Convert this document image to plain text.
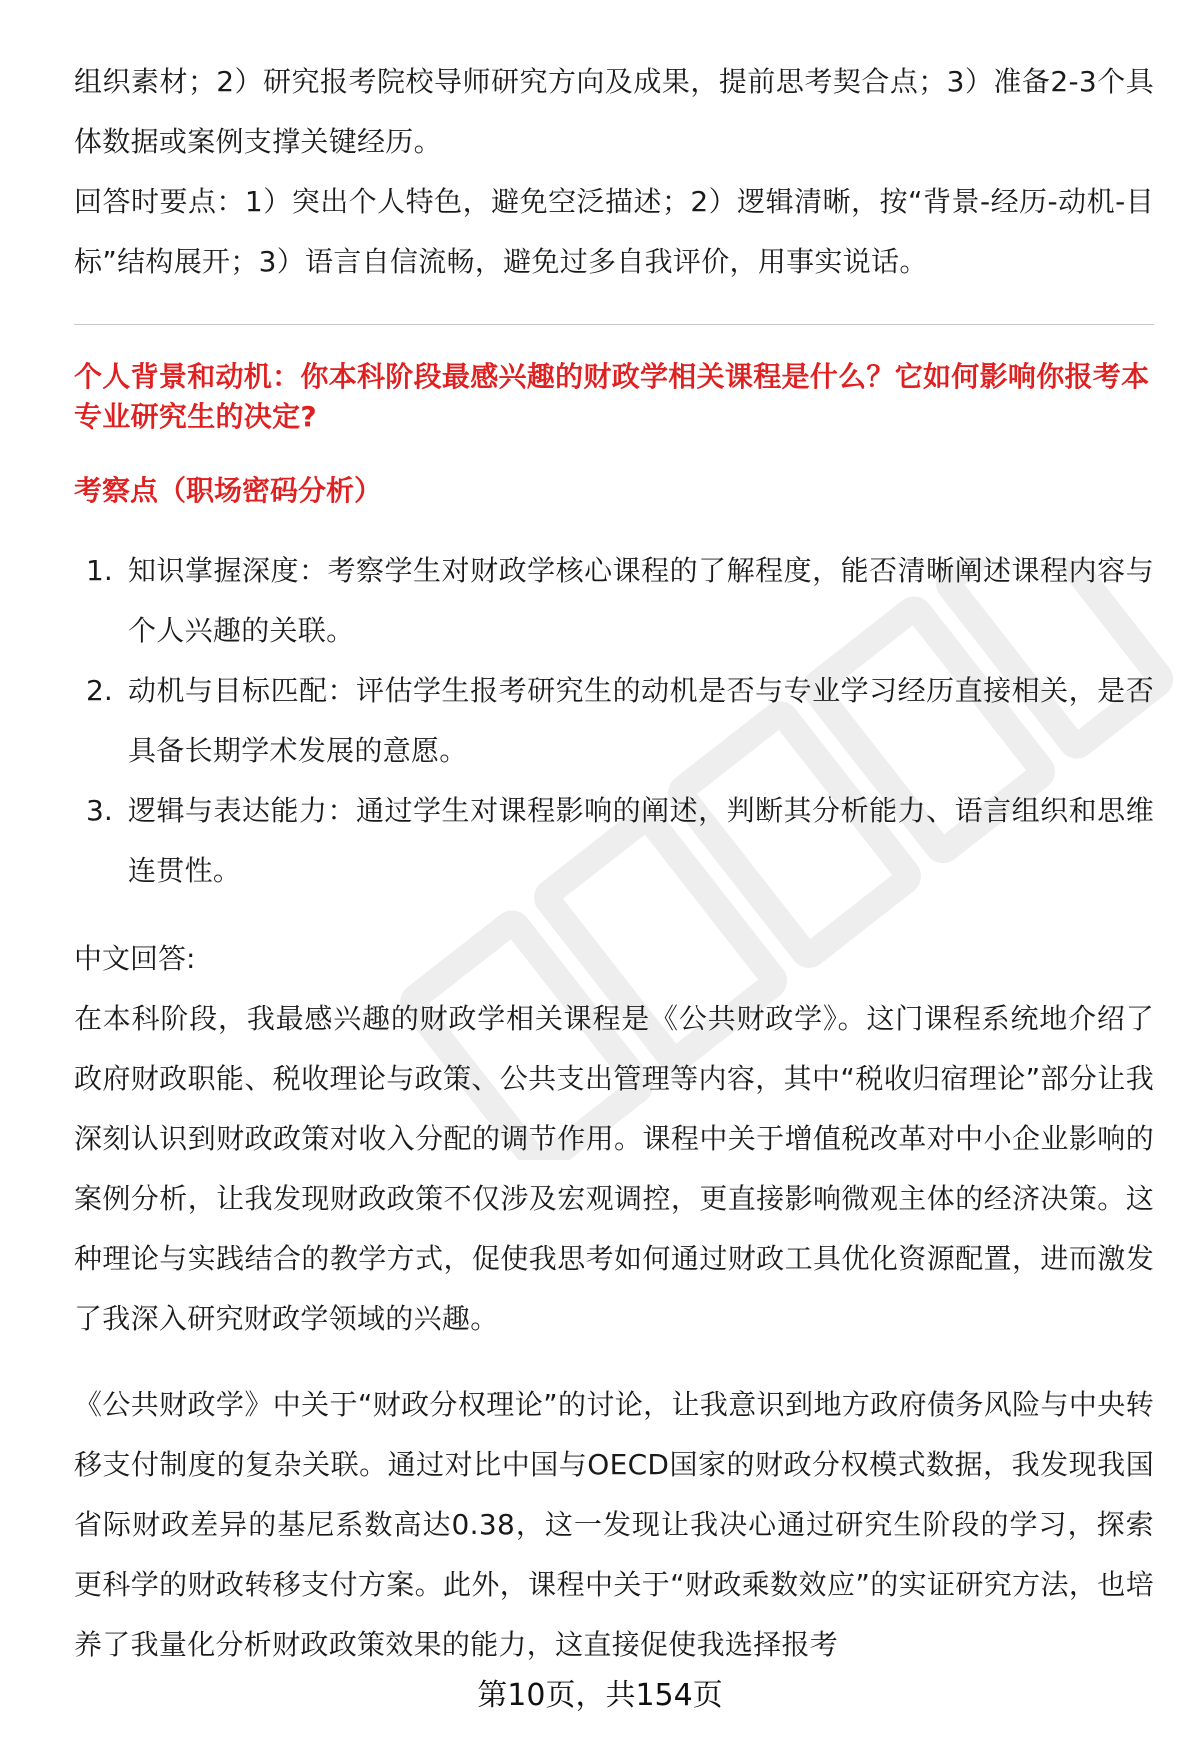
组织素材；2）研究报考院校导师研究方向及成果，提前思考契合点；3）准备2-3个具体数据或案例支撑关键经历。

回答时要点：1）突出个人特色，避免空泛描述；2）逻辑清晰，按“背景-经历-动机-目标”结构展开；3）语言自信流畅，避免过多自我评价，用事实说话。

个人背景和动机：你本科阶段最感兴趣的财政学相关课程是什么？它如何影响你报考本专业研究生的决定?

考察点（职场密码分析）

1. 知识掌握深度：考察学生对财政学核心课程的了解程度，能否清晰阐述课程内容与个人兴趣的关联。
2. 动机与目标匹配：评估学生报考研究生的动机是否与专业学习经历直接相关，是否具备长期学术发展的意愿。
3. 逻辑与表达能力：通过学生对课程影响的阐述，判断其分析能力、语言组织和思维连贯性。

中文回答:

在本科阶段，我最感兴趣的财政学相关课程是《公共财政学》。这门课程系统地介绍了政府财政职能、税收理论与政策、公共支出管理等内容，其中“税收归宿理论”部分让我深刻认识到财政政策对收入分配的调节作用。课程中关于增值税改革对中小企业影响的案例分析，让我发现财政政策不仅涉及宏观调控，更直接影响微观主体的经济决策。这种理论与实践结合的教学方式，促使我思考如何通过财政工具优化资源配置，进而激发了我深入研究财政学领域的兴趣。

《公共财政学》中关于“财政分权理论”的讨论，让我意识到地方政府债务风险与中央转移支付制度的复杂关联。通过对比中国与OECD国家的财政分权模式数据，我发现我国省际财政差异的基尼系数高达0.38，这一发现让我决心通过研究生阶段的学习，探索更科学的财政转移支付方案。此外，课程中关于“财政乘数效应”的实证研究方法，也培养了我量化分析财政政策效果的能力，这直接促使我选择报考

第10页，共154页
